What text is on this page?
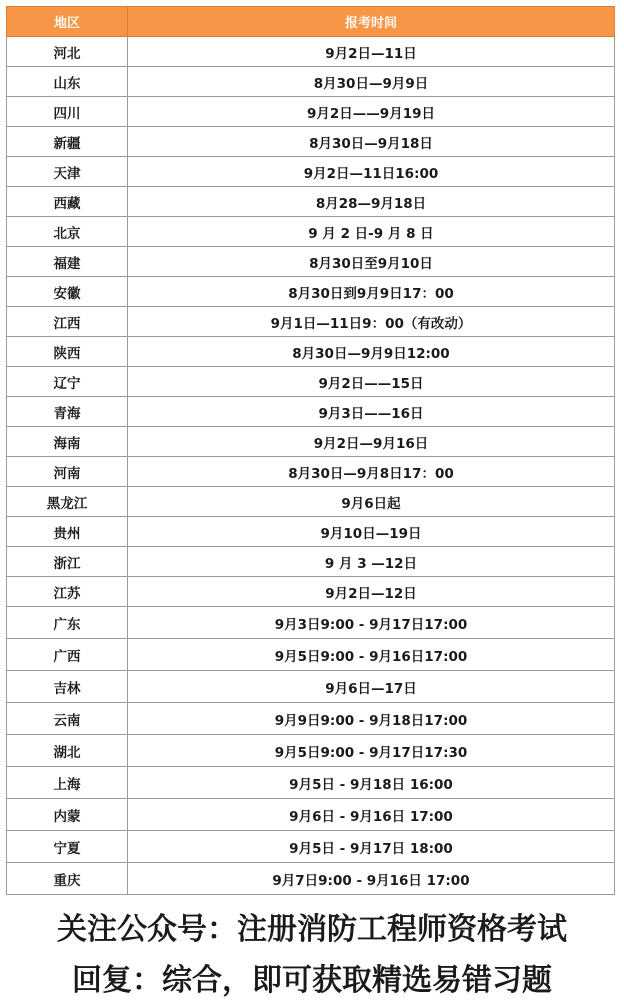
地区	报考时间
河北	9月2日—11日
山东	8月30日—9月9日
四川	9月2日——9月19日
新疆	8月30日—9月18日
天津	9月2日—11日16:00
西藏	8月28—9月18日
北京	9 月 2 日-9 月 8 日
福建	8月30日至9月10日
安徽	8月30日到9月9日17：00
江西	9月1日—11日9：00（有改动）
陕西	8月30日—9月9日12:00
辽宁	9月2日——15日
青海	9月3日——16日
海南	9月2日—9月16日
河南	8月30日—9月8日17：00
黑龙江	9月6日起
贵州	9月10日—19日
浙江	9 月 3 —12日
江苏	9月2日—12日
广东	9月3日9:00 - 9月17日17:00
广西	9月5日9:00 - 9月16日17:00
吉林	9月6日—17日
云南	9月9日9:00 - 9月18日17:00
湖北	9月5日9:00 - 9月17日17:30
上海	9月5日 - 9月18日 16:00
内蒙	9月6日 - 9月16日 17:00
宁夏	9月5日 - 9月17日 18:00
重庆	9月7日9:00 - 9月16日 17:00
关注公众号：注册消防工程师资格考试
回复：综合，即可获取精选易错习题
